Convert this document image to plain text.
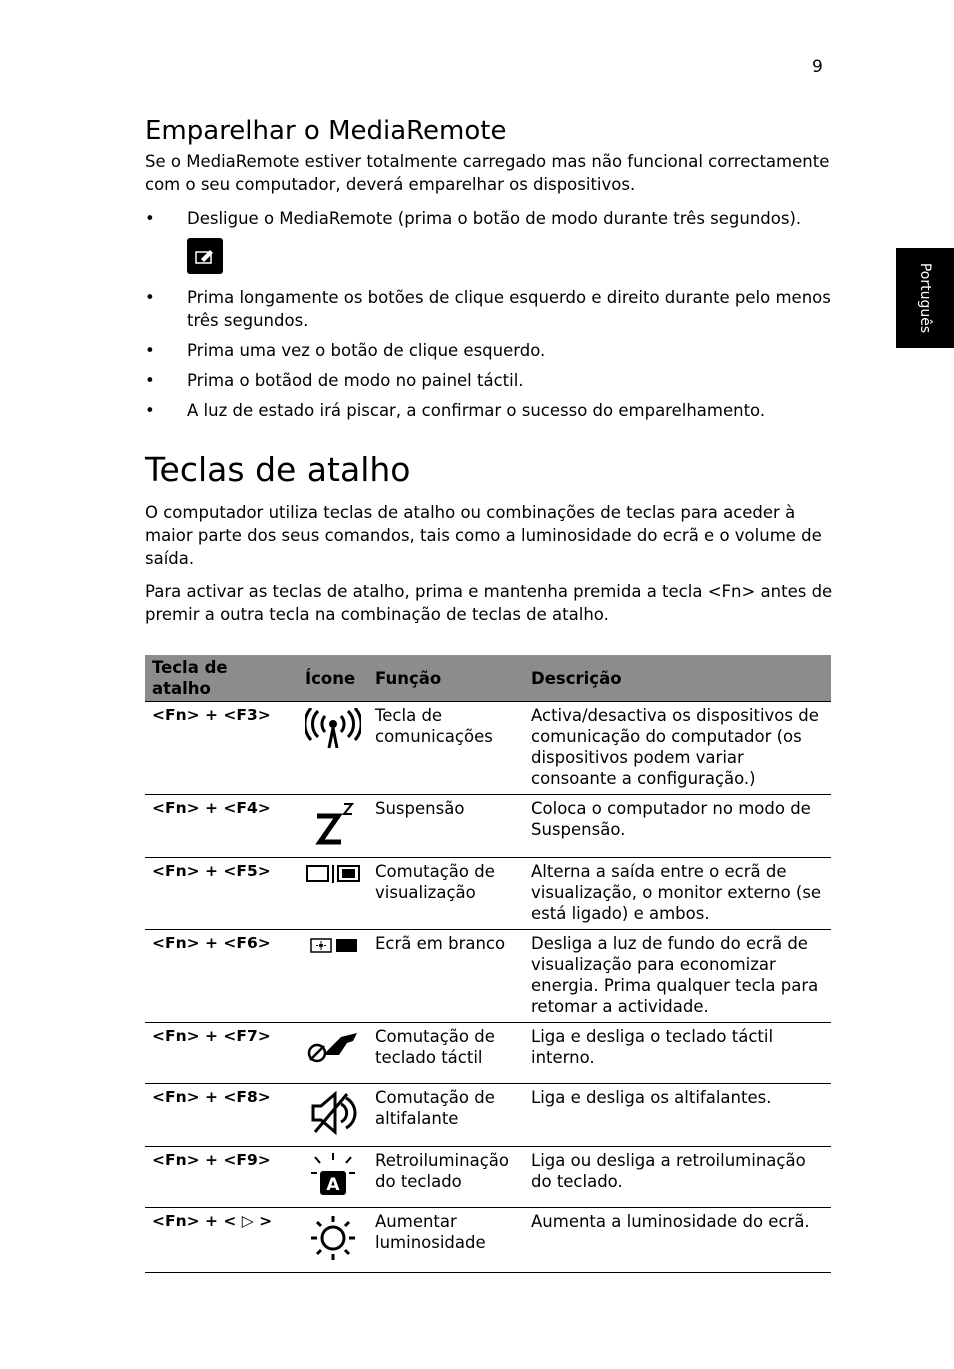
9
Português
Emparelhar o MediaRemote
Se o MediaRemote estiver totalmente carregado mas não funcional correctamente com o seu computador, deverá emparelhar os dispositivos.
• Desligue o MediaRemote (prima o botão de modo durante três segundos).
• Prima longamente os botões de clique esquerdo e direito durante pelo menos três segundos.
• Prima uma vez o botão de clique esquerdo.
• Prima o botãod de modo no painel táctil.
• A luz de estado irá piscar, a confirmar o sucesso do emparelhamento.
Teclas de atalho
O computador utiliza teclas de atalho ou combinações de teclas para aceder à maior parte dos seus comandos, tais como a luminosidade do ecrã e o volume de saída.
Para activar as teclas de atalho, prima e mantenha premida a tecla <Fn> antes de premir a outra tecla na combinação de teclas de atalho.
Tecla de atalho	Ícone	Função	Descrição
<Fn> + <F3>		Tecla de comunicações	Activa/desactiva os dispositivos de comunicação do computador (os dispositivos podem variar consoante a configuração.)
<Fn> + <F4>		Suspensão	Coloca o computador no modo de Suspensão.
<Fn> + <F5>		Comutação de visualização	Alterna a saída entre o ecrã de visualização, o monitor externo (se está ligado) e ambos.
<Fn> + <F6>		Ecrã em branco	Desliga a luz de fundo do ecrã de visualização para economizar energia. Prima qualquer tecla para retomar a actividade.
<Fn> + <F7>		Comutação de teclado táctil	Liga e desliga o teclado táctil interno.
<Fn> + <F8>		Comutação de altifalante	Liga e desliga os altifalantes.
<Fn> + <F9>	A	Retroiluminação do teclado	Liga ou desliga a retroiluminação do teclado.
<Fn> + < ▷ >		Aumentar luminosidade	Aumenta a luminosidade do ecrã.
